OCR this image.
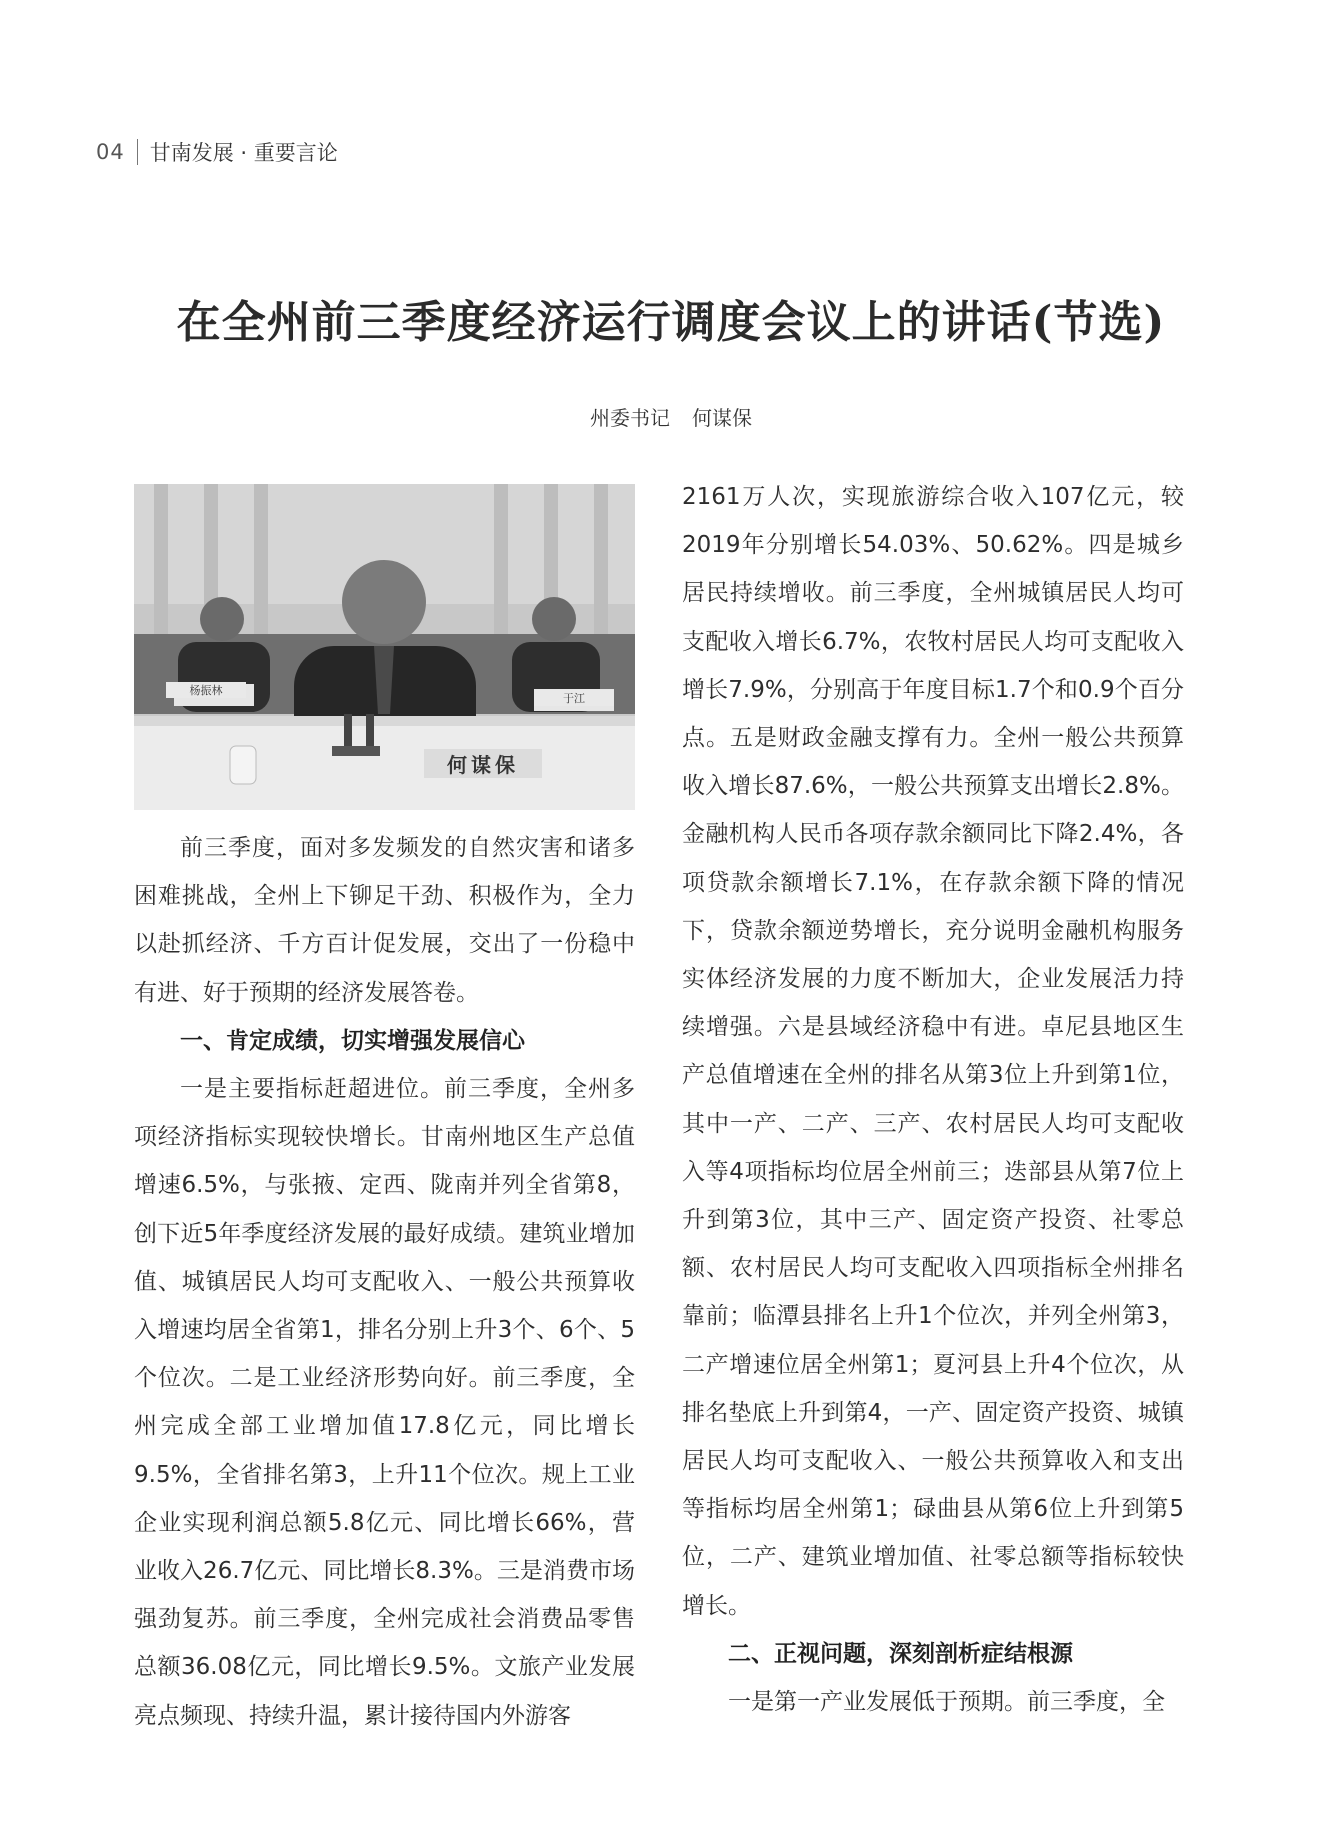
04 甘南发展 · 重要言论
在全州前三季度经济运行调度会议上的讲话(节选)
州委书记 何谋保
杨振林
何谋保
于江

前三季度，面对多发频发的自然灾害和诸多困难挑战，全州上下铆足干劲、积极作为，全力以赴抓经济、千方百计促发展，交出了一份稳中有进、好于预期的经济发展答卷。

一、肯定成绩，切实增强发展信心

一是主要指标赶超进位。前三季度，全州多项经济指标实现较快增长。甘南州地区生产总值增速6.5%，与张掖、定西、陇南并列全省第8，创下近5年季度经济发展的最好成绩。建筑业增加值、城镇居民人均可支配收入、一般公共预算收入增速均居全省第1，排名分别上升3个、6个、5个位次。二是工业经济形势向好。前三季度，全州完成全部工业增加值17.8亿元，同比增长9.5%，全省排名第3，上升11个位次。规上工业企业实现利润总额5.8亿元、同比增长66%，营业收入26.7亿元、同比增长8.3%。三是消费市场强劲复苏。前三季度，全州完成社会消费品零售总额36.08亿元，同比增长9.5%。文旅产业发展亮点频现、持续升温，累计接待国内外游客

2161万人次，实现旅游综合收入107亿元，较2019年分别增长54.03%、50.62%。四是城乡居民持续增收。前三季度，全州城镇居民人均可支配收入增长6.7%，农牧村居民人均可支配收入增长7.9%，分别高于年度目标1.7个和0.9个百分点。五是财政金融支撑有力。全州一般公共预算收入增长87.6%，一般公共预算支出增长2.8%。金融机构人民币各项存款余额同比下降2.4%，各项贷款余额增长7.1%，在存款余额下降的情况下，贷款余额逆势增长，充分说明金融机构服务实体经济发展的力度不断加大，企业发展活力持续增强。六是县域经济稳中有进。卓尼县地区生产总值增速在全州的排名从第3位上升到第1位，其中一产、二产、三产、农村居民人均可支配收入等4项指标均位居全州前三；迭部县从第7位上升到第3位，其中三产、固定资产投资、社零总额、农村居民人均可支配收入四项指标全州排名靠前；临潭县排名上升1个位次，并列全州第3，二产增速位居全州第1；夏河县上升4个位次，从排名垫底上升到第4，一产、固定资产投资、城镇居民人均可支配收入、一般公共预算收入和支出等指标均居全州第1；碌曲县从第6位上升到第5位，二产、建筑业增加值、社零总额等指标较快增长。

二、正视问题，深刻剖析症结根源

一是第一产业发展低于预期。前三季度，全
